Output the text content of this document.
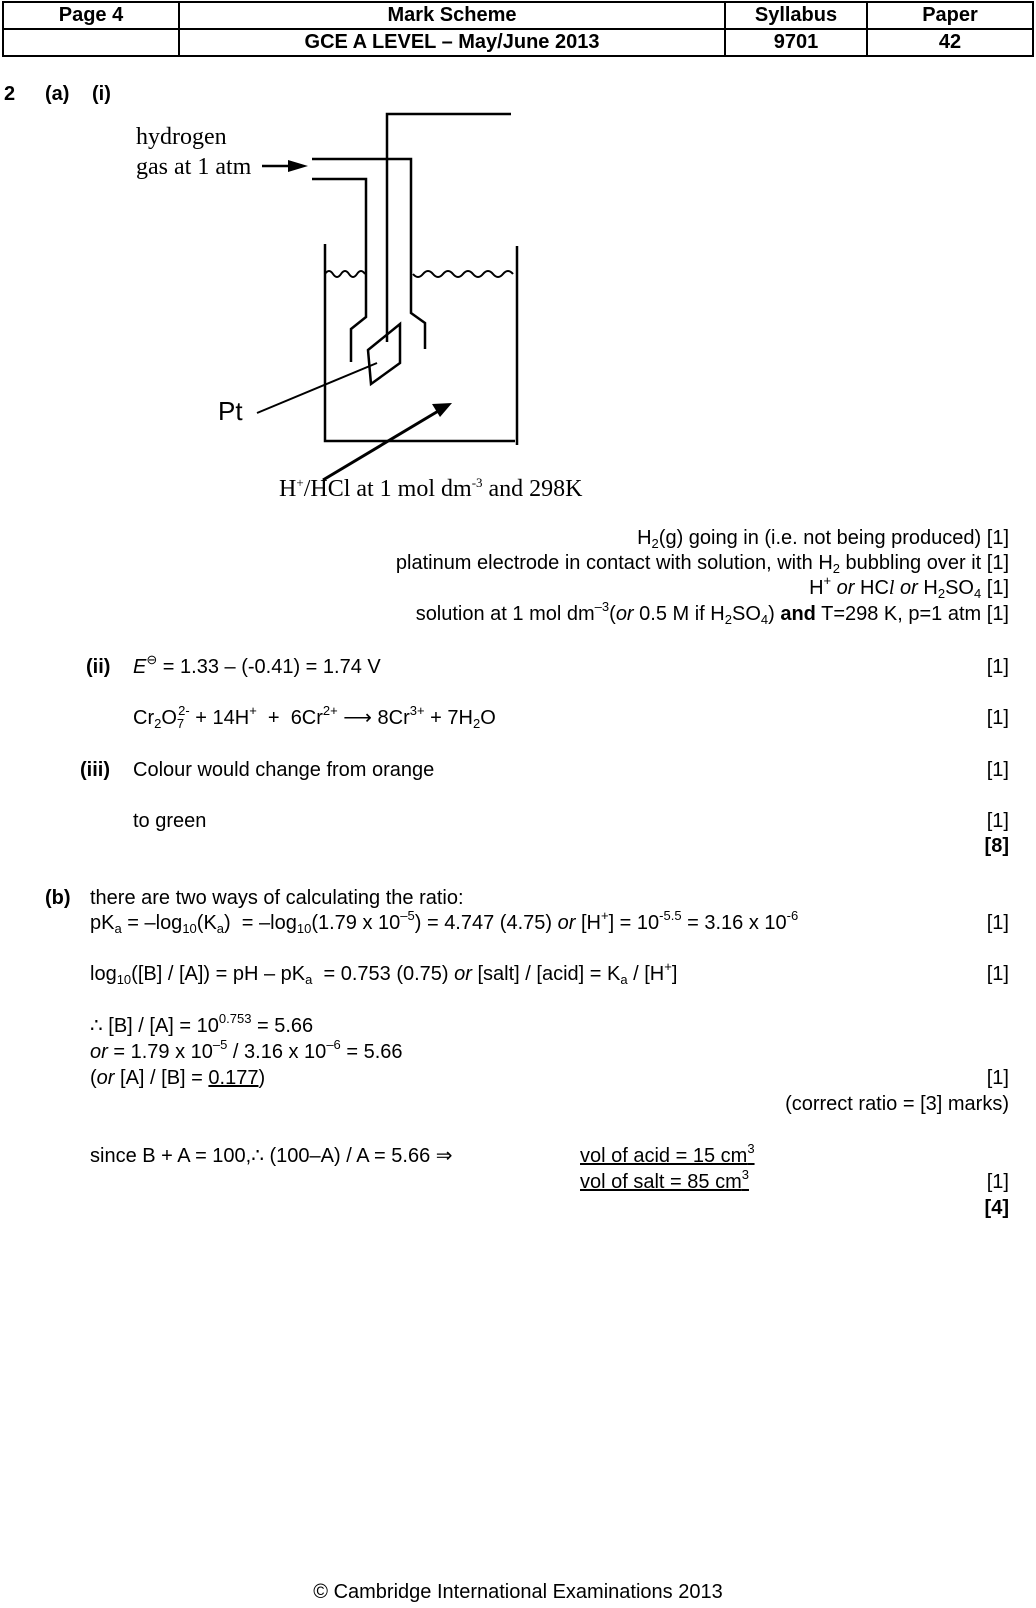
Page 4	Mark Scheme	Syllabus	Paper
	GCE A LEVEL – May/June 2013	9701	42
2 (a) (i)
hydrogen
gas at 1 atm
Pt
H+/HCl at 1 mol $dm^{-3}$ and 298K
$H_2(g)$ going in (i.e. not being produced) [1]
platinum electrode in contact with solution, with $H_2$ bubbling over it [1]
H+ or HCl or $H_2SO_4$ [1]
solution at 1 mol $dm^{-3}(or$ 0.5 M if $H_2SO_4$) and T=298 K, p=1 atm [1]
(ii) E⊖ = 1.33 – (-0.41) = 1.74 V	[1]
$Cr_2O_7^{2-} + 14H^+ + 6Cr^{2+}$ ⟶ $8Cr^{3+} + 7H_2O$	[1]
(iii) Colour would change from orange	[1]
to green	[1]
[8]
(b) there are two ways of calculating the ratio:
$pK_a = -\log_{10}(K_a) = -\log_{10}(1.79$ x $10^{-5}) = 4.747$ (4.75) or $[H^+] = 10^{-5.5} = 3.16$ x $10^{-6}$	[1]
$\log_{10}([B] / [A])$ = pH – $pK_a = 0.753$ (0.75) or [salt] / [acid] = $K_a / [H^+]$	[1]
∴ $[B] / [A] = 10^{0.753} = 5.66$
or = 1.79 x $10^{-5} / 3.16$ x $10^{-6} = 5.66$
(or [A] / [B] = 0.177)	[1]
(correct ratio = [3] marks)
since B + A = 100,∴ (100–A) / A = 5.66 ⇒	vol of acid = 15 $cm^3$
vol of salt = 85 $cm^3$	[1]
[4]
© Cambridge International Examinations 2013
